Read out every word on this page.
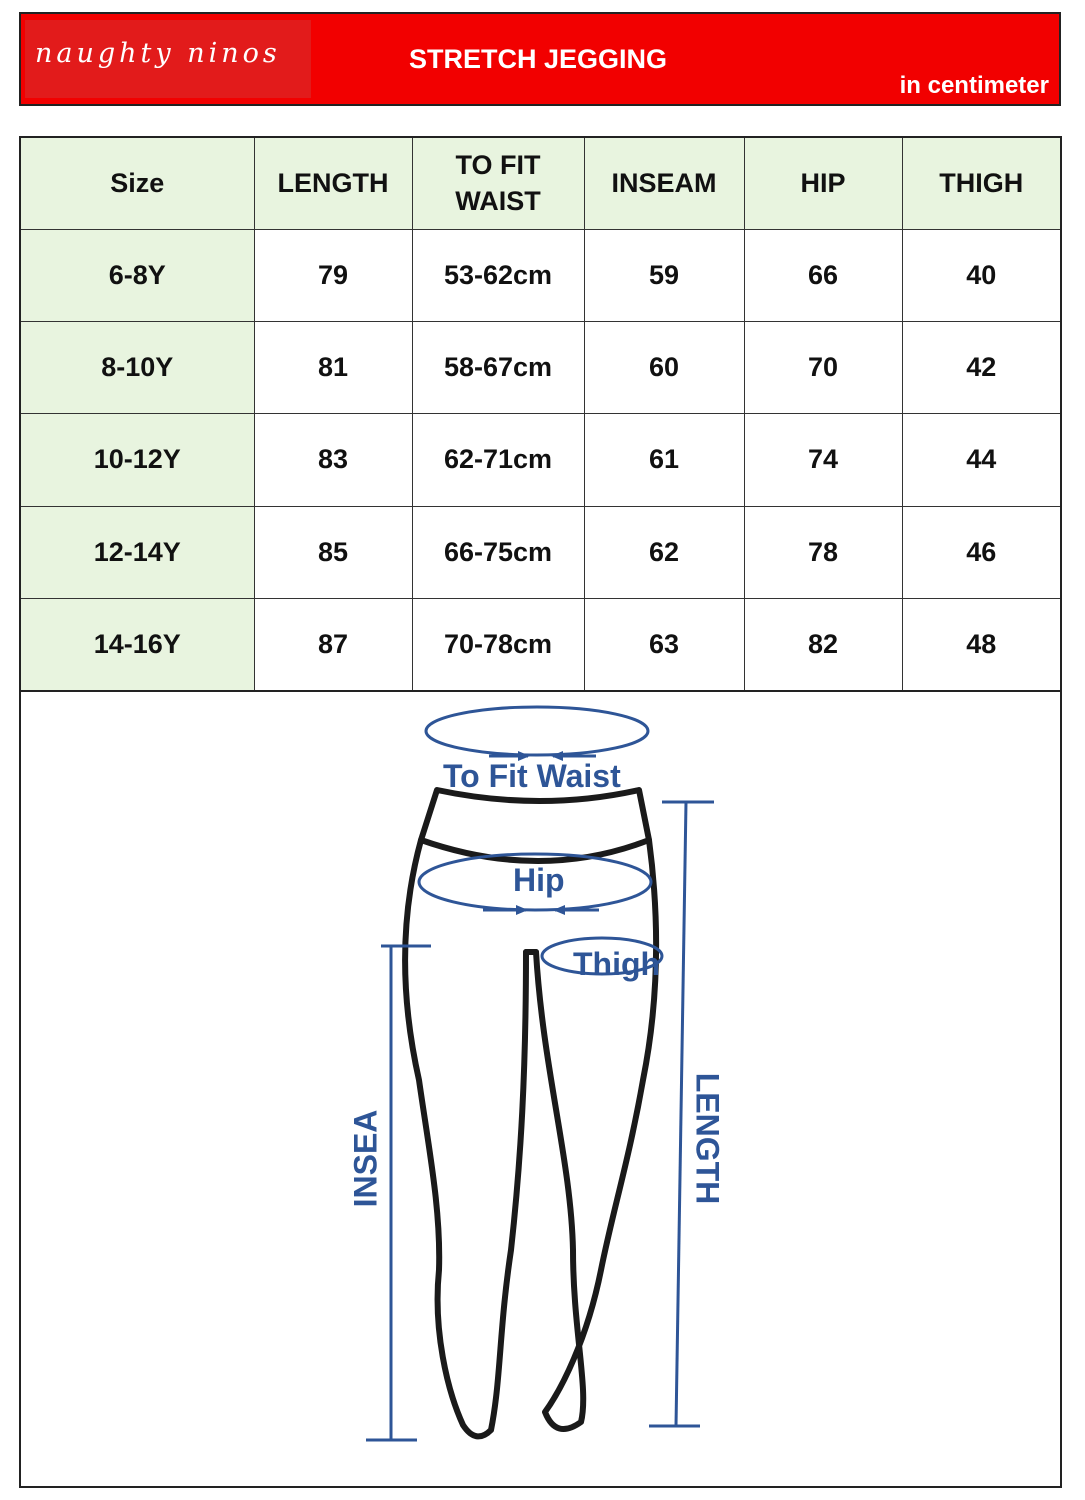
naughty ninos	STRETCH JEGGING
in centimeter
Size	LENGTH	TO FIT WAIST	INSEAM	HIP	THIGH
6-8Y	79	53-62cm	59	66	40
8-10Y	81	58-67cm	60	70	42
10-12Y	83	62-71cm	61	74	44
12-14Y	85	66-75cm	62	78	46
14-16Y	87	70-78cm	63	82	48
To Fit Waist
Hip
Thigh
INSEA	LENGTH
